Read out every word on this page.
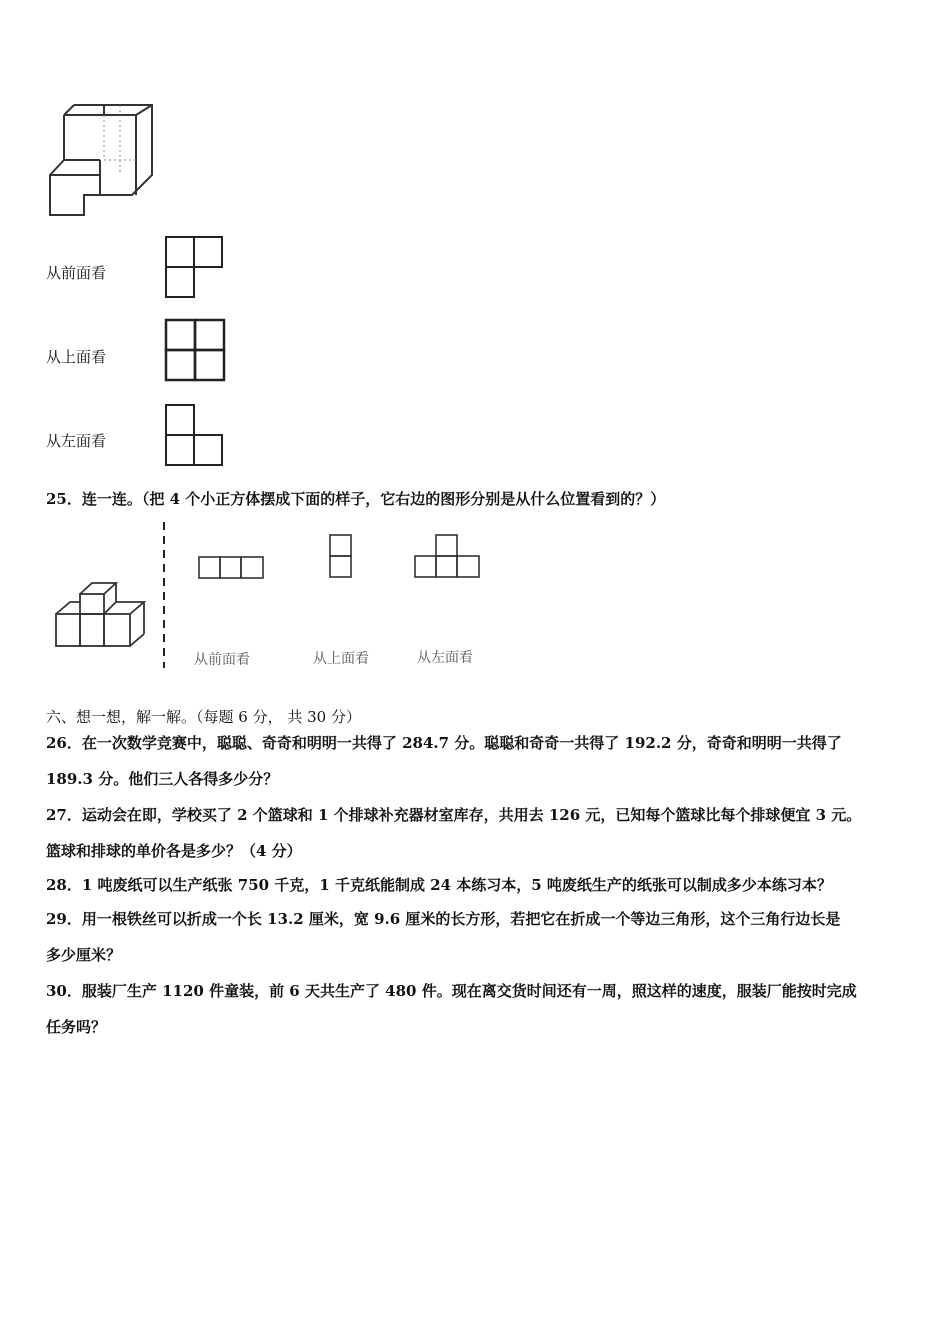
从前面看
从上面看
从左面看
25．连一连。（把 4 个小正方体摆成下面的样子，它右边的图形分别是从什么位置看到的？）
从前面看	从上面看	从左面看
六、想一想，解一解。（每题 6 分， 共 30 分）
26．在一次数学竞赛中，聪聪、奇奇和明明一共得了 284.7 分。聪聪和奇奇一共得了 192.2 分，奇奇和明明一共得了
189.3 分。他们三人各得多少分？
27．运动会在即，学校买了 2 个篮球和 1 个排球补充器材室库存，共用去 126 元，已知每个篮球比每个排球便宜 3 元。
篮球和排球的单价各是多少？（4 分）
28．1 吨废纸可以生产纸张 750 千克，1 千克纸能制成 24 本练习本，5 吨废纸生产的纸张可以制成多少本练习本？
29．用一根铁丝可以折成一个长 13.2 厘米，宽 9.6 厘米的长方形，若把它在折成一个等边三角形，这个三角行边长是
多少厘米？
30．服装厂生产 1120 件童装，前 6 天共生产了 480 件。现在离交货时间还有一周，照这样的速度，服装厂能按时完成
任务吗？
